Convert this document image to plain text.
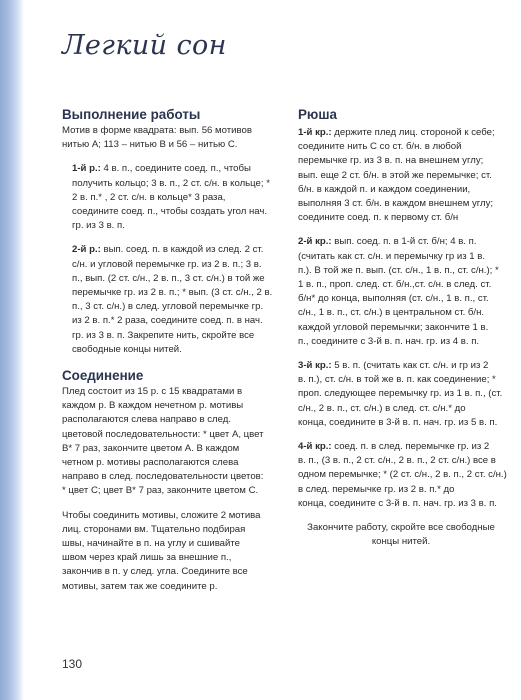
Легкий сон
Выполнение работы
Мотив в форме квадрата: вып. 56 мотивов
нитью А; 113 – нитью В и 56 – нитью С.
1-й р.: 4 в. п., соедините соед. п., чтобы
получить кольцо; 3 в. п., 2 ст. с/н. в кольце; *
2 в. п.* , 2 ст. с/н. в кольце* 3 раза,
соедините соед. п., чтобы создать угол нач.
гр. из 3 в. п.
2-й р.: вып. соед. п. в каждой из след. 2 ст.
с/н. и угловой перемычке гр. из 2 в. п.; 3 в.
п., вып. (2 ст. с/н., 2 в. п., 3 ст. с/н.) в той же
перемычке гр. из 2 в. п.; * вып. (3 ст. с/н., 2 в.
п., 3 ст. с/н.) в след. угловой перемычке гр.
из 2 в. п.* 2 раза, соедините соед. п. в нач.
гр. из 3 в. п. Закрепите нить, скройте все
свободные концы нитей.
Соединение
Плед состоит из 15 р. с 15 квадратами в
каждом р. В каждом нечетном р. мотивы
располагаются слева направо в след.
цветовой последовательности: * цвет А, цвет
В* 7 раз, закончите цветом А. В каждом
четном р. мотивы располагаются слева
направо в след. последовательности цветов:
* цвет С; цвет В* 7 раз, закончите цветом С.
Чтобы соединить мотивы, сложите 2 мотива
лиц. сторонами вм. Тщательно подбирая
швы, начинайте в п. на углу и сшивайте
швом через край лишь за внешние п.,
закончив в п. у след. угла. Соедините все
мотивы, затем так же соедините р.
Рюша
1-й кр.: держите плед лиц. стороной к себе;
соедините нить С со ст. б/н. в любой
перемычке гр. из 3 в. п. на внешнем углу;
вып. еще 2 ст. б/н. в этой же перемычке; ст.
б/н. в каждой п. и каждом соединении,
выполняя 3 ст. б/н. в каждом внешнем углу;
соедините соед. п. к первому ст. б/н
2-й кр.: вып. соед. п. в 1-й ст. б/н; 4 в. п.
(считать как ст. с/н. и перемычку гр из 1 в.
п.). В той же п. вып. (ст. с/н., 1 в. п., ст. с/н.); *
1 в. п., проп. след. ст. б/н.,ст. с/н. в след. ст.
б/н* до конца, выполняя (ст. с/н., 1 в. п., ст.
с/н., 1 в. п., ст. с/н.) в центральном ст. б/н.
каждой угловой перемычки; закончите 1 в.
п., соедините с 3-й в. п. нач. гр. из 4 в. п.
3-й кр.: 5 в. п. (считать как ст. с/н. и гр из 2
в. п.), ст. с/н. в той же в. п. как соединение; *
проп. следующее перемычку гр. из 1 в. п., (ст.
с/н., 2 в. п., ст. с/н.) в след. ст. с/н.* до
конца, соедините в 3-й в. п. нач. гр. из 5 в. п.
4-й кр.: соед. п. в след. перемычке гр. из 2
в. п., (3 в. п., 2 ст. с/н., 2 в. п., 2 ст. с/н.) все в
одном перемычке; * (2 ст. с/н., 2 в. п., 2 ст. с/н.)
в след. перемычке гр. из 2 в. п.* до
конца, соедините с 3-й в. п. нач. гр. из 3 в. п.
Закончите работу, скройте все свободные
концы нитей.
130
